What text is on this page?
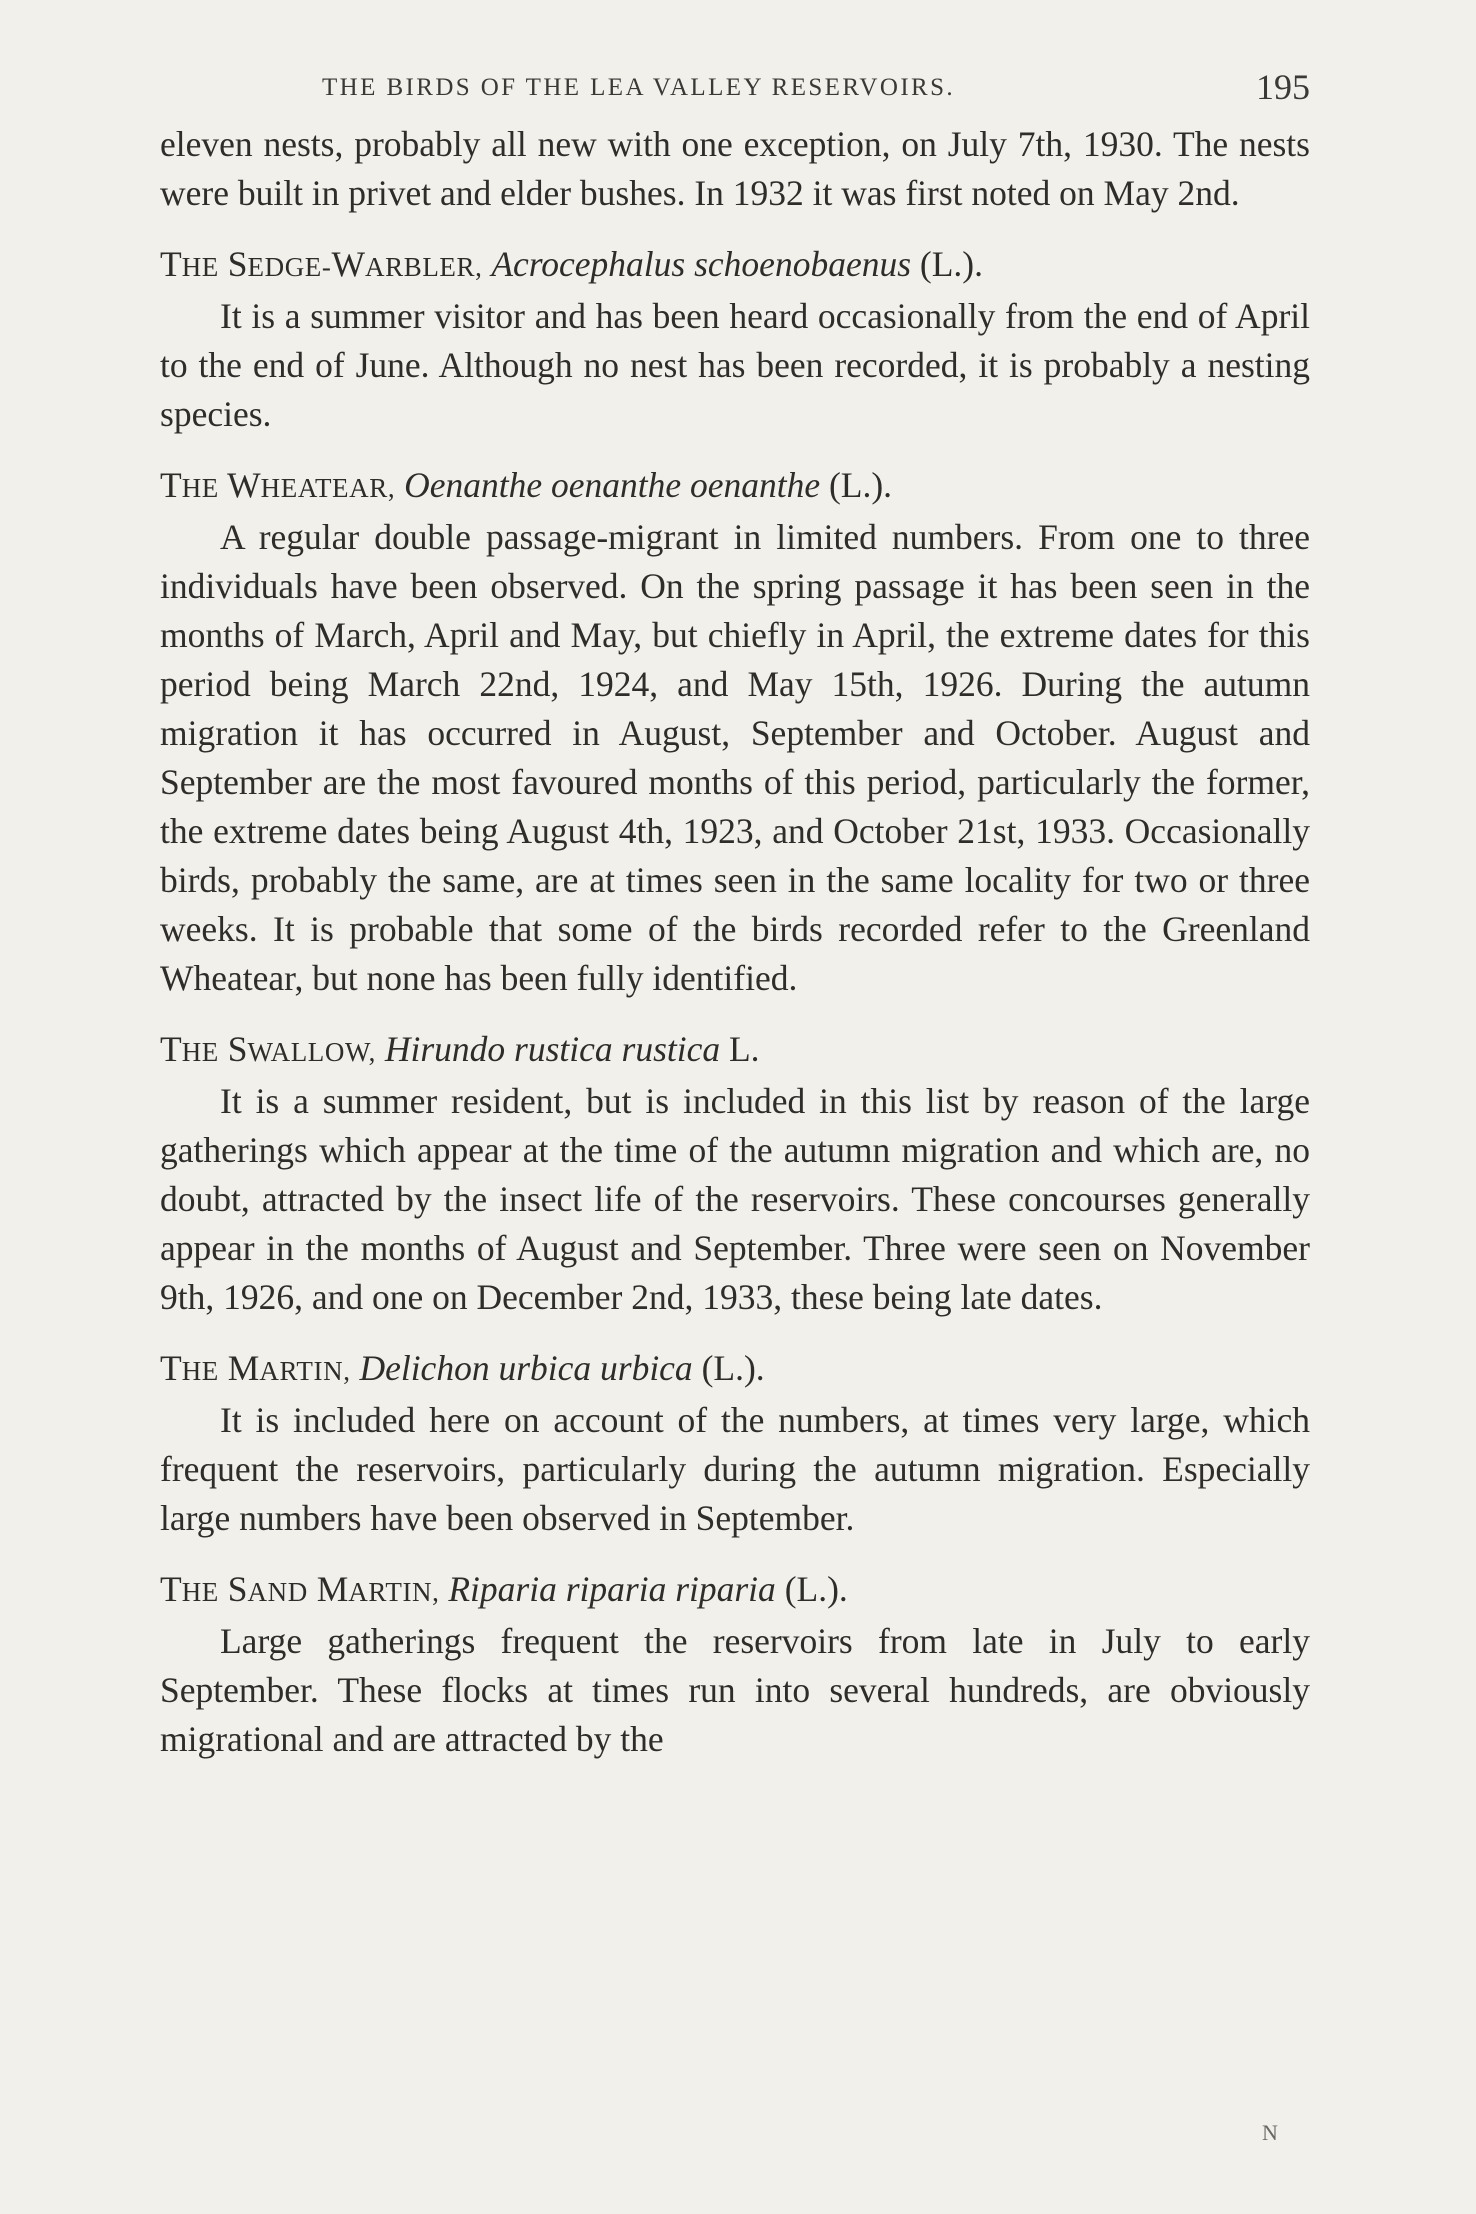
THE BIRDS OF THE LEA VALLEY RESERVOIRS.	195

eleven nests, probably all new with one exception, on July 7th, 1930. The nests were built in privet and elder bushes. In 1932 it was first noted on May 2nd.

THE SEDGE-WARBLER, Acrocephalus schoenobaenus (L.).

It is a summer visitor and has been heard occasionally from the end of April to the end of June. Although no nest has been recorded, it is probably a nesting species.

THE WHEATEAR, Oenanthe oenanthe oenanthe (L.).

A regular double passage-migrant in limited numbers. From one to three individuals have been observed. On the spring passage it has been seen in the months of March, April and May, but chiefly in April, the extreme dates for this period being March 22nd, 1924, and May 15th, 1926. During the autumn migration it has occurred in August, September and October. August and September are the most favoured months of this period, particularly the former, the extreme dates being August 4th, 1923, and October 21st, 1933. Occasionally birds, probably the same, are at times seen in the same locality for two or three weeks. It is probable that some of the birds recorded refer to the Greenland Wheatear, but none has been fully identified.

THE SWALLOW, Hirundo rustica rustica L.

It is a summer resident, but is included in this list by reason of the large gatherings which appear at the time of the autumn migration and which are, no doubt, attracted by the insect life of the reservoirs. These concourses generally appear in the months of August and September. Three were seen on November 9th, 1926, and one on December 2nd, 1933, these being late dates.

THE MARTIN, Delichon urbica urbica (L.).

It is included here on account of the numbers, at times very large, which frequent the reservoirs, particularly during the autumn migration. Especially large numbers have been observed in September.

THE SAND MARTIN, Riparia riparia riparia (L.).

Large gatherings frequent the reservoirs from late in July to early September. These flocks at times run into several hundreds, are obviously migrational and are attracted by the

N
